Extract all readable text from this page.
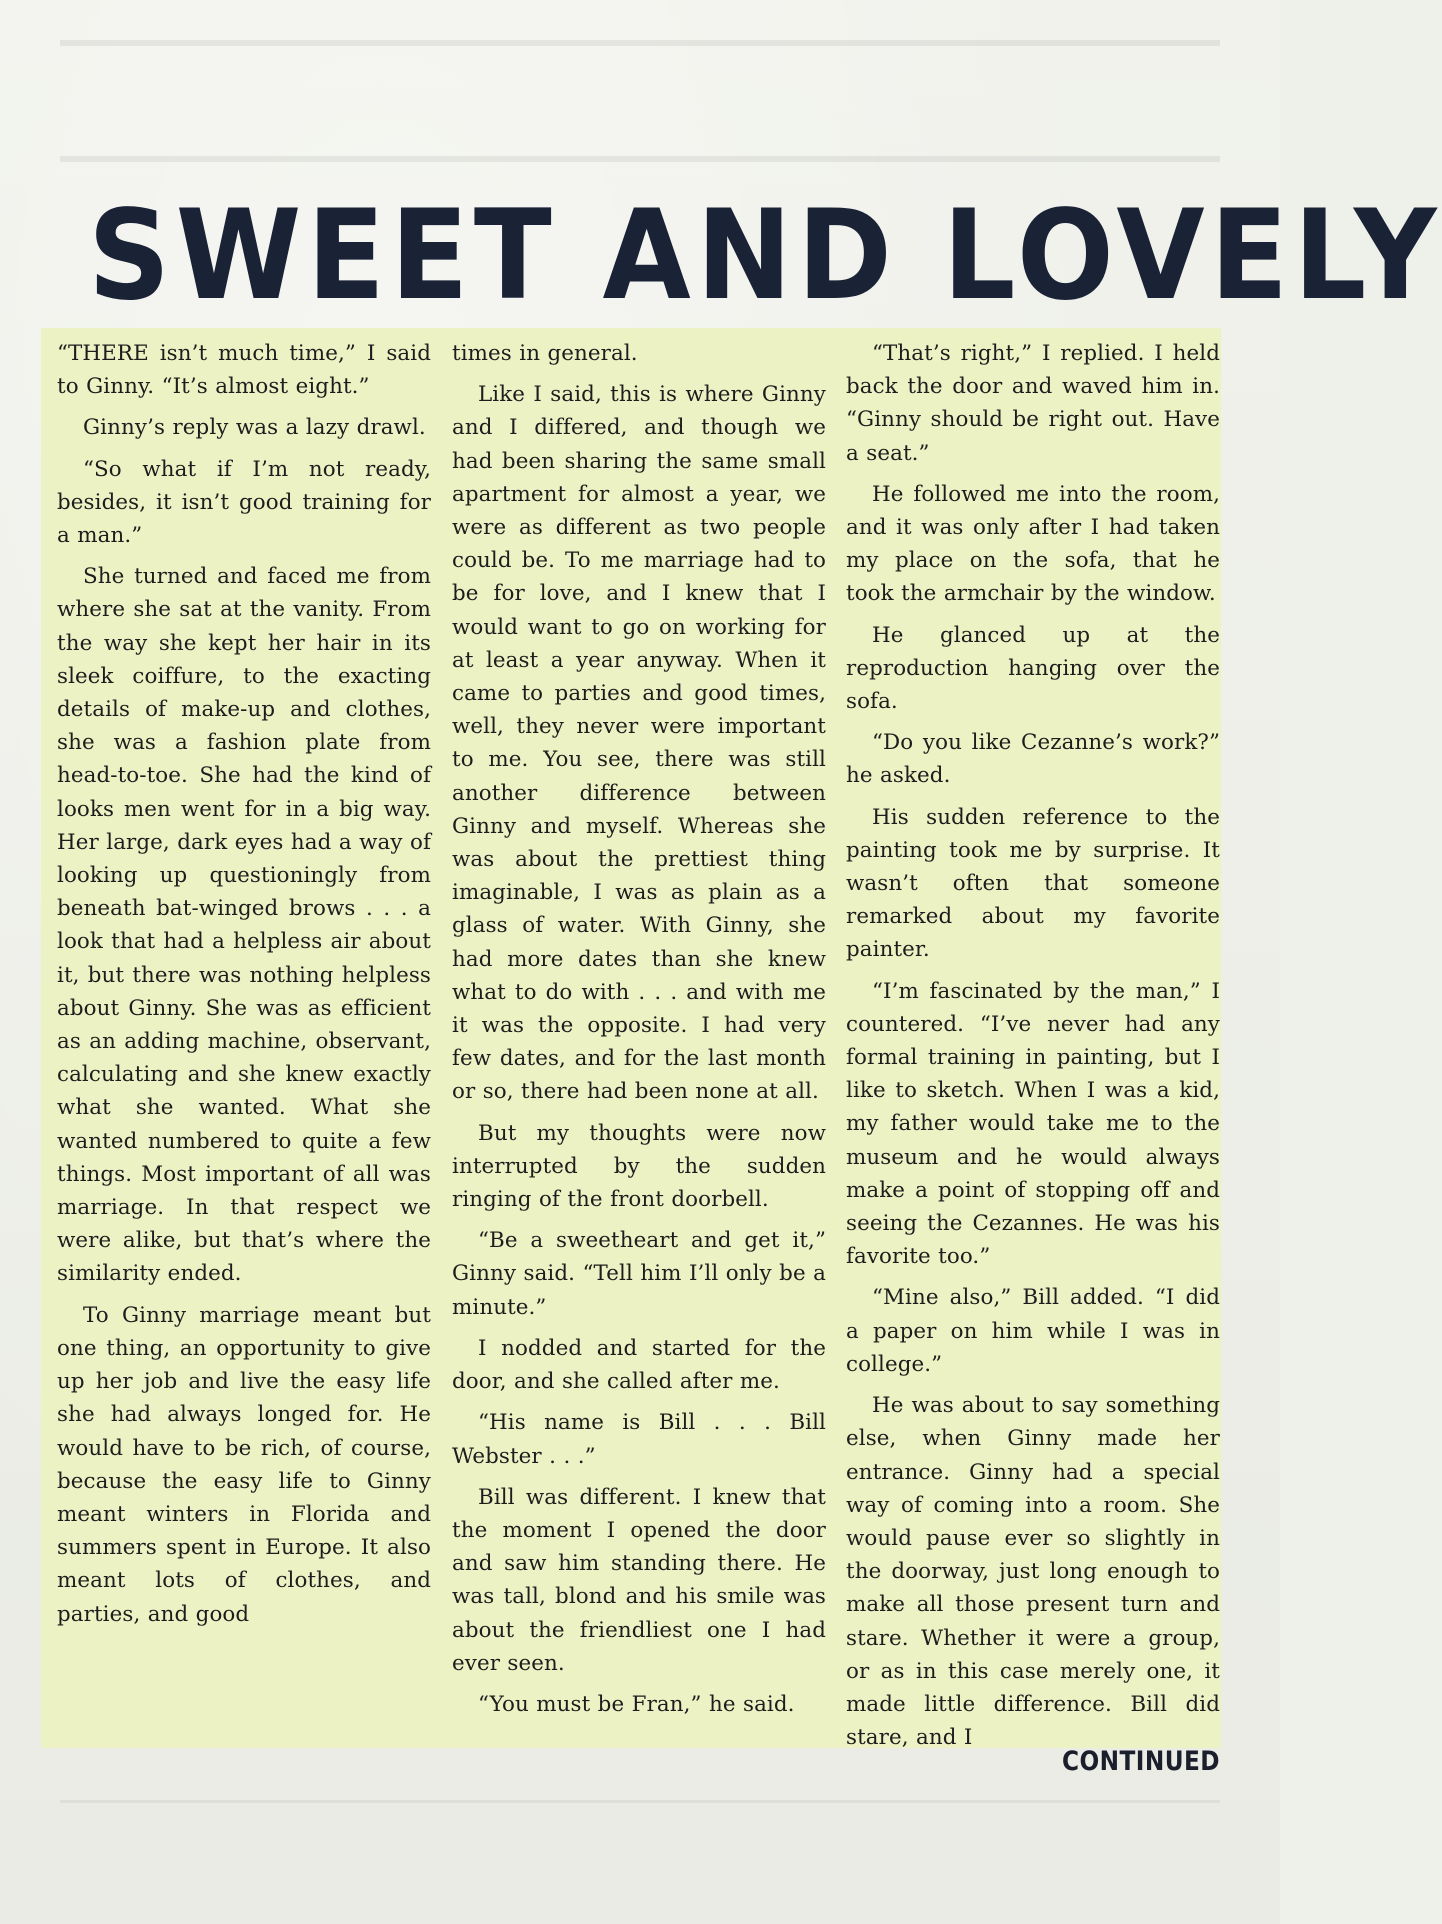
SWEET AND LOVELY

“THERE isn’t much time,” I said to Ginny. “It’s almost eight.”

Ginny’s reply was a lazy drawl.

“So what if I’m not ready, besides, it isn’t good training for a man.”

She turned and faced me from where she sat at the vanity. From the way she kept her hair in its sleek coiffure, to the exacting details of make-up and clothes, she was a fashion plate from head-to-toe. She had the kind of looks men went for in a big way. Her large, dark eyes had a way of looking up questioningly from beneath bat-winged brows . . . a look that had a helpless air about it, but there was nothing helpless about Ginny. She was as efficient as an adding machine, observant, calculating and she knew exactly what she wanted. What she wanted numbered to quite a few things. Most important of all was marriage. In that respect we were alike, but that’s where the similarity ended.

To Ginny marriage meant but one thing, an opportunity to give up her job and live the easy life she had always longed for. He would have to be rich, of course, because the easy life to Ginny meant winters in Florida and summers spent in Europe. It also meant lots of clothes, and parties, and good

times in general.

Like I said, this is where Ginny and I differed, and though we had been sharing the same small apartment for almost a year, we were as different as two people could be. To me marriage had to be for love, and I knew that I would want to go on working for at least a year anyway. When it came to parties and good times, well, they never were important to me. You see, there was still another difference between Ginny and myself. Whereas she was about the prettiest thing imaginable, I was as plain as a glass of water. With Ginny, she had more dates than she knew what to do with . . . and with me it was the opposite. I had very few dates, and for the last month or so, there had been none at all.

But my thoughts were now interrupted by the sudden ringing of the front doorbell.

“Be a sweetheart and get it,” Ginny said. “Tell him I’ll only be a minute.”

I nodded and started for the door, and she called after me.

“His name is Bill . . . Bill Webster . . .”

Bill was different. I knew that the moment I opened the door and saw him standing there. He was tall, blond and his smile was about the friendliest one I had ever seen.

“You must be Fran,” he said.

“That’s right,” I replied. I held back the door and waved him in. “Ginny should be right out. Have a seat.”

He followed me into the room, and it was only after I had taken my place on the sofa, that he took the armchair by the window.

He glanced up at the reproduction hanging over the sofa.

“Do you like Cezanne’s work?” he asked.

His sudden reference to the painting took me by surprise. It wasn’t often that someone remarked about my favorite painter.

“I’m fascinated by the man,” I countered. “I’ve never had any formal training in painting, but I like to sketch. When I was a kid, my father would take me to the museum and he would always make a point of stopping off and seeing the Cezannes. He was his favorite too.”

“Mine also,” Bill added. “I did a paper on him while I was in college.”

He was about to say something else, when Ginny made her entrance. Ginny had a special way of coming into a room. She would pause ever so slightly in the doorway, just long enough to make all those present turn and stare. Whether it were a group, or as in this case merely one, it made little difference. Bill did stare, and I

CONTINUED
